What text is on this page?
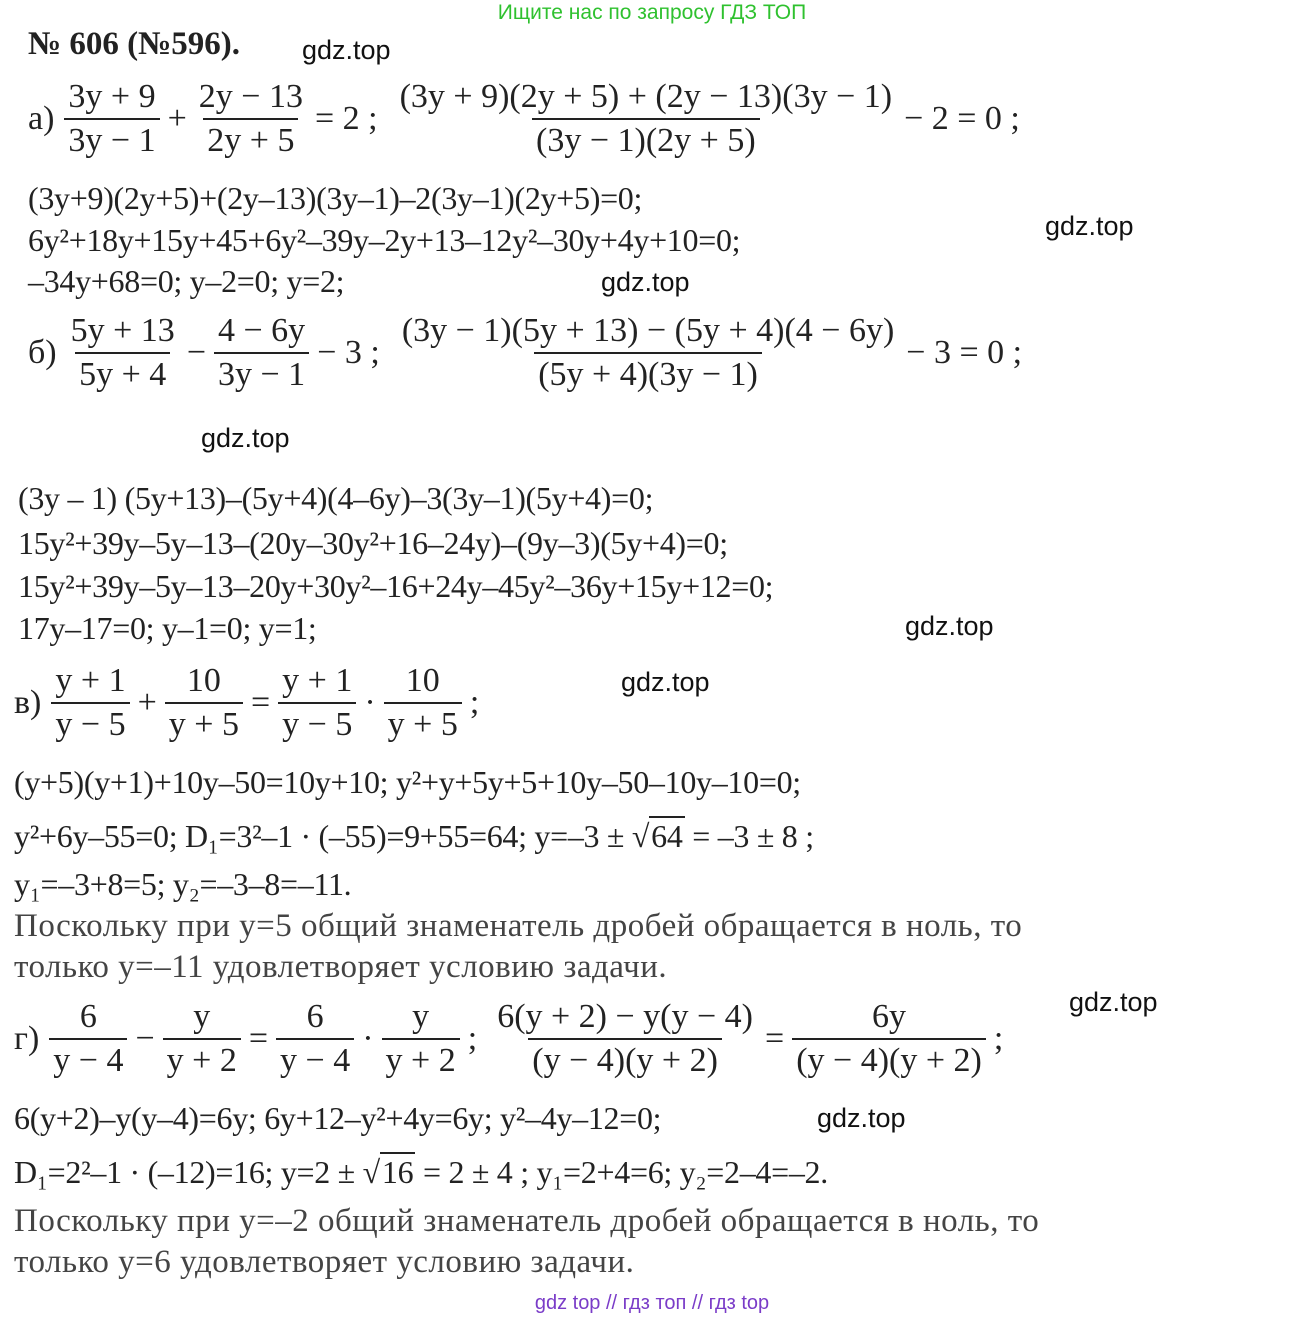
Ищите нас по запросу ГДЗ ТОП
№ 606 (№596). gdz.top
gdz.top
gdz.top
gdz.top
gdz.top
gdz.top
gdz.top
gdz.top
$а) \frac{3y + 9}{3y - 1} + \frac{2y - 13}{2y + 5} = 2$ ; $\frac{(3y + 9)(2y + 5) + (2y - 13)(3y - 1)}{(3y - 1)(2y + 5)} - 2 = 0$ ;
(3y+9)(2y+5)+(2y–13)(3y–1)–2(3y–1)(2y+5)=0;
6y²+18y+15y+45+6y²–39y–2y+13–12y²–30y+4y+10=0;
–34y+68=0; y–2=0; y=2;
$б) \frac{5y + 13}{5y + 4} - \frac{4 - 6y}{3y - 1} - 3$ ; $\frac{(3y - 1)(5y + 13) - (5y + 4)(4 - 6y)}{(5y + 4)(3y - 1)} - 3 = 0$ ;
(3y – 1) (5y+13)–(5y+4)(4–6y)–3(3y–1)(5y+4)=0;
15y²+39y–5y–13–(20y–30y²+16–24y)–(9y–3)(5y+4)=0;
15y²+39y–5y–13–20y+30y²–16+24y–45y²–36y+15y+12=0;
17y–17=0; y–1=0; y=1;
$в) \frac{y + 1}{y - 5} + \frac{10}{y + 5} = \frac{y + 1}{y - 5} \cdot \frac{10}{y + 5}$ ;
(y+5)(y+1)+10y–50=10y+10; y²+y+5y+5+10y–50–10y–10=0;
y²+6y–55=0; D₁=3²–1 · (–55)=9+55=64; y=–3 ± √64 = –3 ± 8 ;
y₁=–3+8=5; y₂=–3–8=–11.
Поскольку при y=5 общий знаменатель дробей обращается в ноль, то
только y=–11 удовлетворяет условию задачи.
$г) \frac{6}{y - 4} - \frac{y}{y + 2} = \frac{6}{y - 4} \cdot \frac{y}{y + 2}$ ; $\frac{6(y + 2) - y(y - 4)}{(y - 4)(y + 2)} = \frac{6y}{(y - 4)(y + 2)}$ ;
6(y+2)–y(y–4)=6y; 6y+12–y²+4y=6y; y²–4y–12=0;
D₁=2²–1 · (–12)=16; y=2 ± √16 = 2 ± 4 ; y₁=2+4=6; y₂=2–4=–2.
Поскольку при y=–2 общий знаменатель дробей обращается в ноль, то
только y=6 удовлетворяет условию задачи.
gdz top // гдз топ // гдз top
